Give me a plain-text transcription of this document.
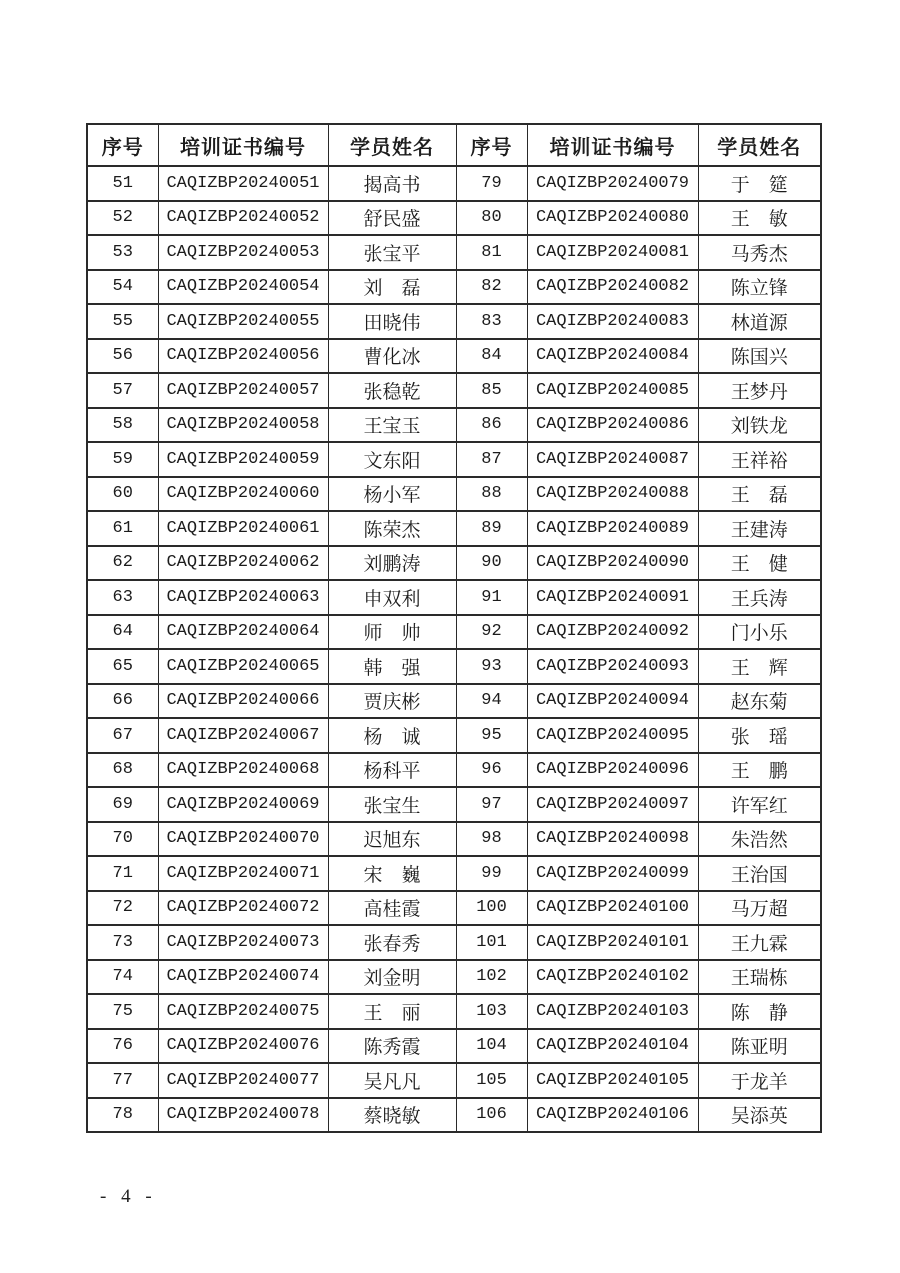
序号	培训证书编号	学员姓名	序号	培训证书编号	学员姓名
51	CAQIZBP20240051	揭高书	79	CAQIZBP20240079	于　筵
52	CAQIZBP20240052	舒民盛	80	CAQIZBP20240080	王　敏
53	CAQIZBP20240053	张宝平	81	CAQIZBP20240081	马秀杰
54	CAQIZBP20240054	刘　磊	82	CAQIZBP20240082	陈立锋
55	CAQIZBP20240055	田晓伟	83	CAQIZBP20240083	林道源
56	CAQIZBP20240056	曹化冰	84	CAQIZBP20240084	陈国兴
57	CAQIZBP20240057	张稳乾	85	CAQIZBP20240085	王梦丹
58	CAQIZBP20240058	王宝玉	86	CAQIZBP20240086	刘铁龙
59	CAQIZBP20240059	文东阳	87	CAQIZBP20240087	王祥裕
60	CAQIZBP20240060	杨小军	88	CAQIZBP20240088	王　磊
61	CAQIZBP20240061	陈荣杰	89	CAQIZBP20240089	王建涛
62	CAQIZBP20240062	刘鹏涛	90	CAQIZBP20240090	王　健
63	CAQIZBP20240063	申双利	91	CAQIZBP20240091	王兵涛
64	CAQIZBP20240064	师　帅	92	CAQIZBP20240092	门小乐
65	CAQIZBP20240065	韩　强	93	CAQIZBP20240093	王　辉
66	CAQIZBP20240066	贾庆彬	94	CAQIZBP20240094	赵东菊
67	CAQIZBP20240067	杨　诚	95	CAQIZBP20240095	张　瑶
68	CAQIZBP20240068	杨科平	96	CAQIZBP20240096	王　鹏
69	CAQIZBP20240069	张宝生	97	CAQIZBP20240097	许军红
70	CAQIZBP20240070	迟旭东	98	CAQIZBP20240098	朱浩然
71	CAQIZBP20240071	宋　巍	99	CAQIZBP20240099	王治国
72	CAQIZBP20240072	高桂霞	100	CAQIZBP20240100	马万超
73	CAQIZBP20240073	张春秀	101	CAQIZBP20240101	王九霖
74	CAQIZBP20240074	刘金明	102	CAQIZBP20240102	王瑞栋
75	CAQIZBP20240075	王　丽	103	CAQIZBP20240103	陈　静
76	CAQIZBP20240076	陈秀霞	104	CAQIZBP20240104	陈亚明
77	CAQIZBP20240077	吴凡凡	105	CAQIZBP20240105	于龙羊
78	CAQIZBP20240078	蔡晓敏	106	CAQIZBP20240106	吴添英
- 4 -
